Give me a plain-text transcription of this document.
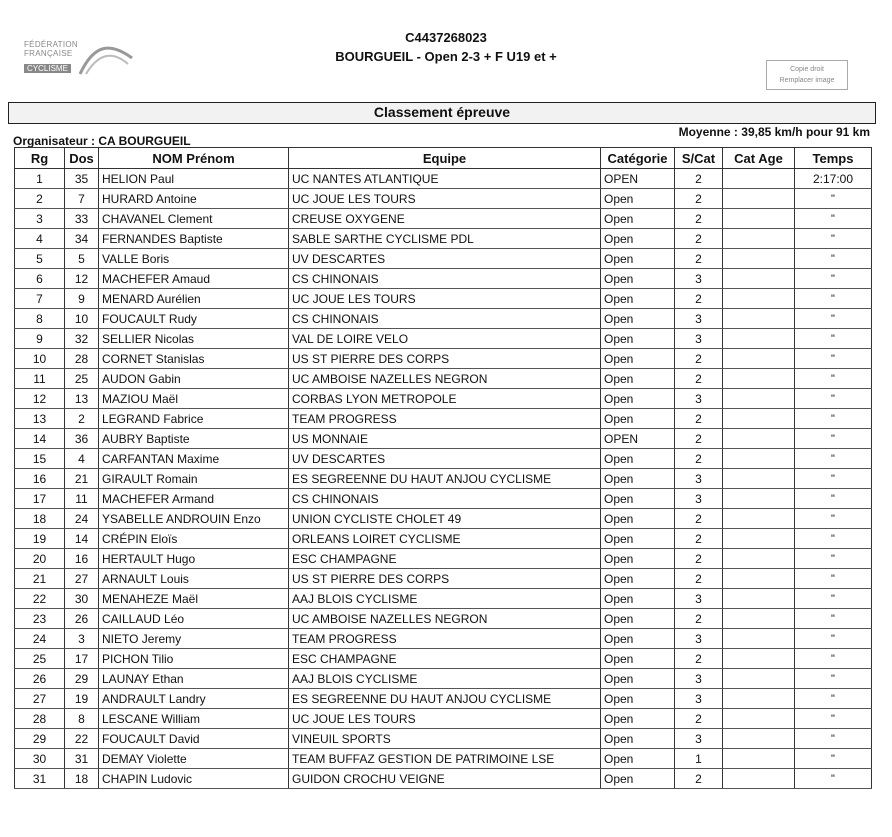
C4437268023
BOURGUEIL - Open 2-3 + F U19 et +
FÉDÉRATION
FRANÇAISE
CYCLISME	Copie droit
Remplacer image
Classement épreuve
Organisateur : CA BOURGUEIL
Moyenne : 39,85 km/h pour 91 km
Rg	Dos	NOM Prénom	Equipe	Catégorie	S/Cat	Cat Age	Temps
1	35	HELION Paul	UC NANTES ATLANTIQUE	OPEN	2		2:17:00
2	7	HURARD Antoine	UC JOUE LES TOURS	Open	2		"
3	33	CHAVANEL Clement	CREUSE OXYGENE	Open	2		"
4	34	FERNANDES Baptiste	SABLE SARTHE CYCLISME PDL	Open	2		"
5	5	VALLE Boris	UV DESCARTES	Open	2		"
6	12	MACHEFER Amaud	CS CHINONAIS	Open	3		"
7	9	MENARD Aurélien	UC JOUE LES TOURS	Open	2		"
8	10	FOUCAULT Rudy	CS CHINONAIS	Open	3		"
9	32	SELLIER Nicolas	VAL DE LOIRE VELO	Open	3		"
10	28	CORNET Stanislas	US ST PIERRE DES CORPS	Open	2		"
11	25	AUDON Gabin	UC AMBOISE NAZELLES NEGRON	Open	2		"
12	13	MAZIOU Maël	CORBAS LYON METROPOLE	Open	3		"
13	2	LEGRAND Fabrice	TEAM PROGRESS	Open	2		"
14	36	AUBRY Baptiste	US MONNAIE	OPEN	2		"
15	4	CARFANTAN Maxime	UV DESCARTES	Open	2		"
16	21	GIRAULT Romain	ES SEGREENNE DU HAUT ANJOU CYCLISME	Open	3		"
17	11	MACHEFER Armand	CS CHINONAIS	Open	3		"
18	24	YSABELLE ANDROUIN Enzo	UNION CYCLISTE CHOLET 49	Open	2		"
19	14	CRÉPIN Eloïs	ORLEANS LOIRET CYCLISME	Open	2		"
20	16	HERTAULT Hugo	ESC CHAMPAGNE	Open	2		"
21	27	ARNAULT Louis	US ST PIERRE DES CORPS	Open	2		"
22	30	MENAHEZE Maël	AAJ BLOIS CYCLISME	Open	3		"
23	26	CAILLAUD Léo	UC AMBOISE NAZELLES NEGRON	Open	2		"
24	3	NIETO Jeremy	TEAM PROGRESS	Open	3		"
25	17	PICHON Tilio	ESC CHAMPAGNE	Open	2		"
26	29	LAUNAY Ethan	AAJ BLOIS CYCLISME	Open	3		"
27	19	ANDRAULT Landry	ES SEGREENNE DU HAUT ANJOU CYCLISME	Open	3		"
28	8	LESCANE William	UC JOUE LES TOURS	Open	2		"
29	22	FOUCAULT David	VINEUIL SPORTS	Open	3		"
30	31	DEMAY Violette	TEAM BUFFAZ GESTION DE PATRIMOINE LSE	Open	1		"
31	18	CHAPIN Ludovic	GUIDON CROCHU VEIGNE	Open	2		"
